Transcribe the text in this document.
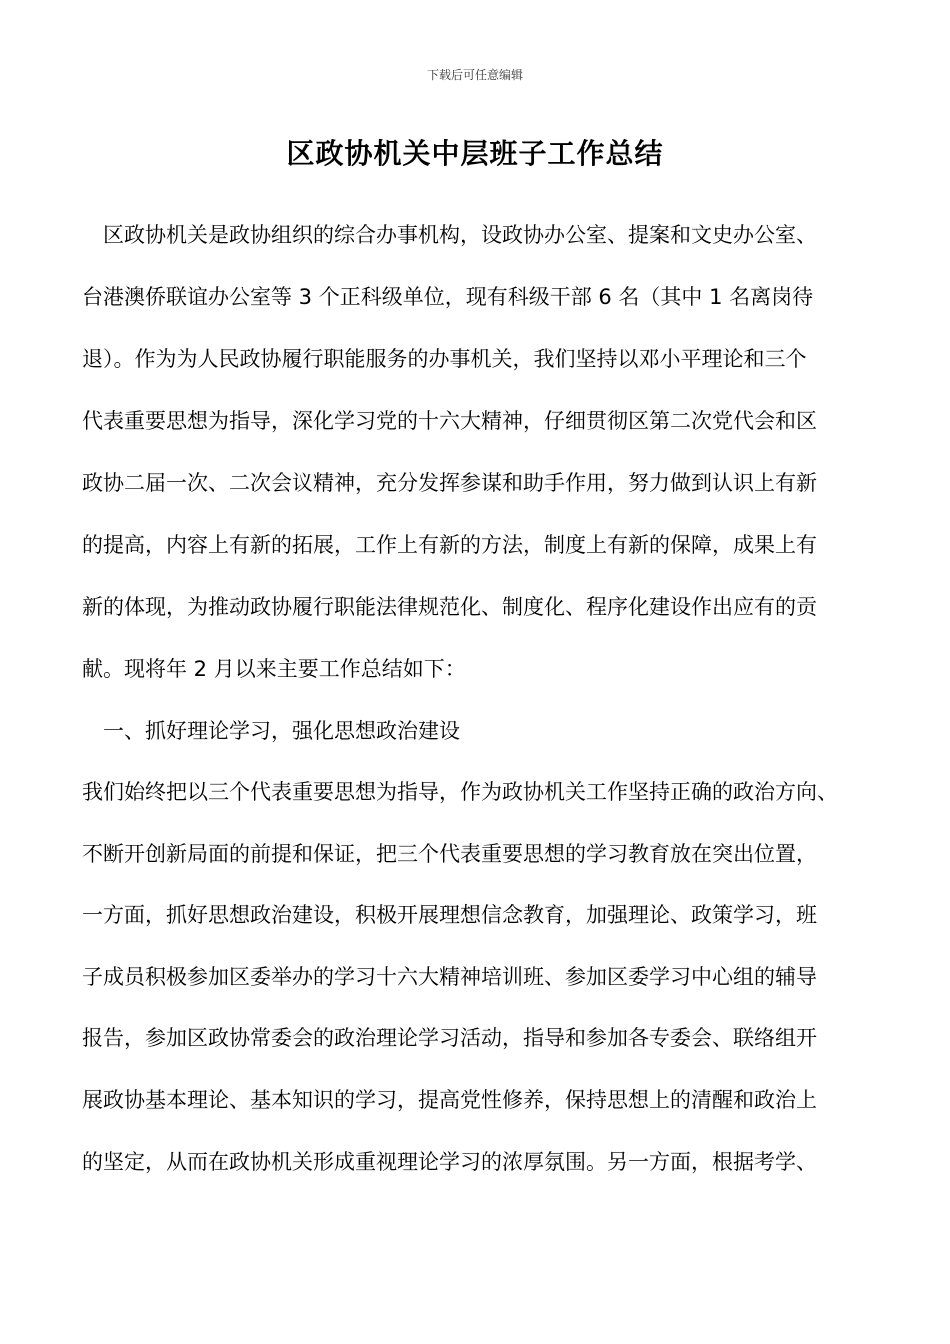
下载后可任意编辑
区政协机关中层班子工作总结
区政协机关是政协组织的综合办事机构，设政协办公室、提案和文史办公室、
台港澳侨联谊办公室等 3 个正科级单位，现有科级干部 6 名（其中 1 名离岗待
退）。作为为人民政协履行职能服务的办事机关，我们坚持以邓小平理论和三个
代表重要思想为指导，深化学习党的十六大精神，仔细贯彻区第二次党代会和区
政协二届一次、二次会议精神，充分发挥参谋和助手作用，努力做到认识上有新
的提高，内容上有新的拓展，工作上有新的方法，制度上有新的保障，成果上有
新的体现，为推动政协履行职能法律规范化、制度化、程序化建设作出应有的贡
献。现将年 2 月以来主要工作总结如下：
一、抓好理论学习，强化思想政治建设
我们始终把以三个代表重要思想为指导，作为政协机关工作坚持正确的政治方向、
不断开创新局面的前提和保证，把三个代表重要思想的学习教育放在突出位置，
一方面，抓好思想政治建设，积极开展理想信念教育，加强理论、政策学习，班
子成员积极参加区委举办的学习十六大精神培训班、参加区委学习中心组的辅导
报告，参加区政协常委会的政治理论学习活动，指导和参加各专委会、联络组开
展政协基本理论、基本知识的学习，提高党性修养，保持思想上的清醒和政治上
的坚定，从而在政协机关形成重视理论学习的浓厚氛围。另一方面，根据考学、
